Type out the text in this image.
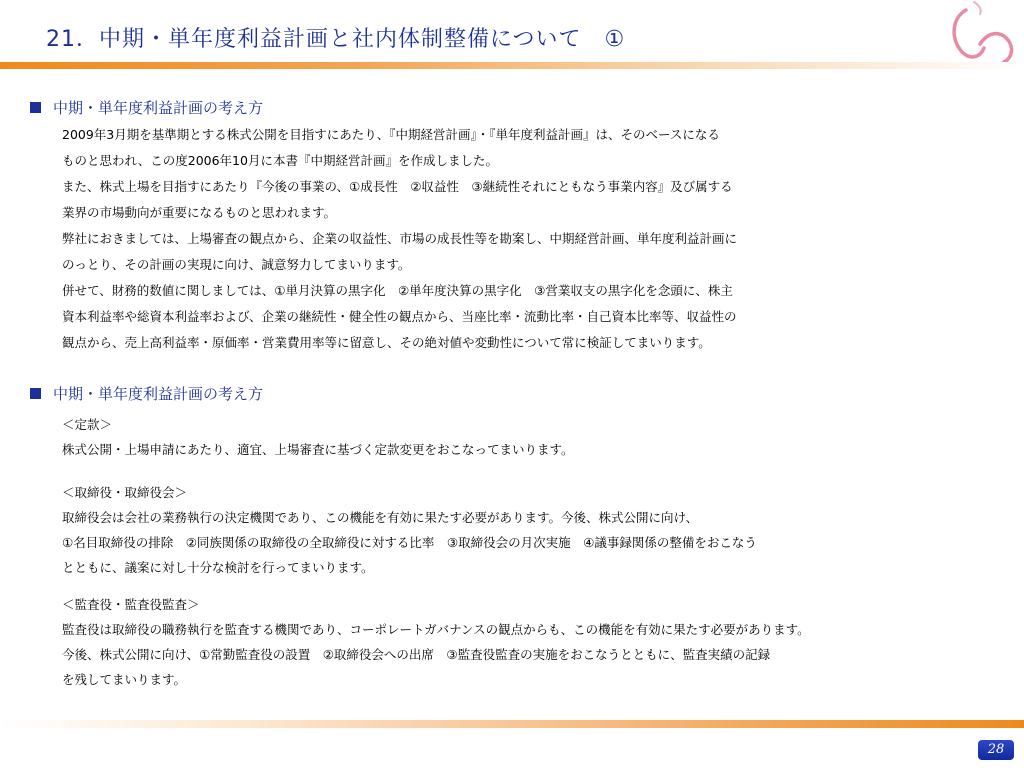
21．中期・単年度利益計画と社内体制整備について　①
中期・単年度利益計画の考え方
2009年3月期を基準期とする株式公開を目指すにあたり、『中期経営計画』・『単年度利益計画』は、そのベースになる
ものと思われ、この度2006年10月に本書『中期経営計画』を作成しました。
また、株式上場を目指すにあたり『今後の事業の、①成長性　②収益性　③継続性それにともなう事業内容』及び属する
業界の市場動向が重要になるものと思われます。
弊社におきましては、上場審査の観点から、企業の収益性、市場の成長性等を勘案し、中期経営計画、単年度利益計画に
のっとり、その計画の実現に向け、誠意努力してまいります。
併せて、財務的数値に関しましては、①単月決算の黒字化　②単年度決算の黒字化　③営業収支の黒字化を念頭に、株主
資本利益率や総資本利益率および、企業の継続性・健全性の観点から、当座比率・流動比率・自己資本比率等、収益性の
観点から、売上高利益率・原価率・営業費用率等に留意し、その絶対値や変動性について常に検証してまいります。
中期・単年度利益計画の考え方
＜定款＞
株式公開・上場申請にあたり、適宜、上場審査に基づく定款変更をおこなってまいります。
＜取締役・取締役会＞
取締役会は会社の業務執行の決定機関であり、この機能を有効に果たす必要があります。今後、株式公開に向け、
①名目取締役の排除　②同族関係の取締役の全取締役に対する比率　③取締役会の月次実施　④議事録関係の整備をおこなう
とともに、議案に対し十分な検討を行ってまいります。
＜監査役・監査役監査＞
監査役は取締役の職務執行を監査する機関であり、コーポレートガバナンスの観点からも、この機能を有効に果たす必要があります。
今後、株式公開に向け、①常勤監査役の設置　②取締役会への出席　③監査役監査の実施をおこなうとともに、監査実績の記録
を残してまいります。
28
